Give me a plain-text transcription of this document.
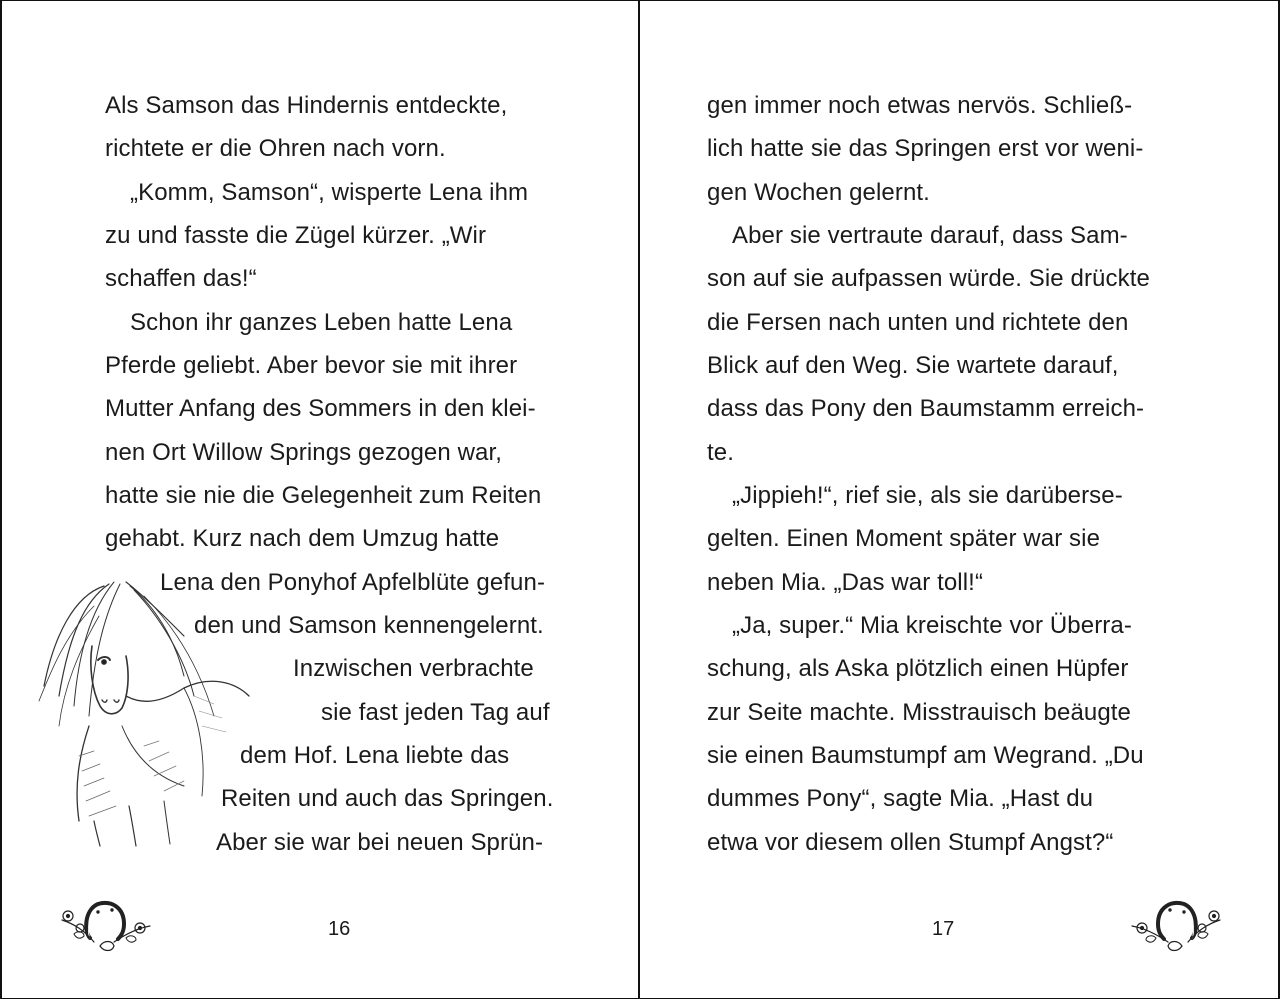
Als Samson das Hindernis entdeckte,
richtete er die Ohren nach vorn.
„Komm, Samson“, wisperte Lena ihm
zu und fasste die Zügel kürzer. „Wir
schaffen das!“
Schon ihr ganzes Leben hatte Lena
Pferde geliebt. Aber bevor sie mit ihrer
Mutter Anfang des Sommers in den klei-
nen Ort Willow Springs gezogen war,
hatte sie nie die Gelegenheit zum Reiten
gehabt. Kurz nach dem Umzug hatte
Lena den Ponyhof Apfelblüte gefun-
den und Samson kennengelernt.
Inzwischen verbrachte
sie fast jeden Tag auf
dem Hof. Lena liebte das
Reiten und auch das Springen.
Aber sie war bei neuen Sprün-
16
gen immer noch etwas nervös. Schließ-
lich hatte sie das Springen erst vor weni-
gen Wochen gelernt.
Aber sie vertraute darauf, dass Sam-
son auf sie aufpassen würde. Sie drückte
die Fersen nach unten und richtete den
Blick auf den Weg. Sie wartete darauf,
dass das Pony den Baumstamm erreich-
te.
„Jippieh!“, rief sie, als sie darüberse-
gelten. Einen Moment später war sie
neben Mia. „Das war toll!“
„Ja, super.“ Mia kreischte vor Überra-
schung, als Aska plötzlich einen Hüpfer
zur Seite machte. Misstrauisch beäugte
sie einen Baumstumpf am Wegrand. „Du
dummes Pony“, sagte Mia. „Hast du
etwa vor diesem ollen Stumpf Angst?“
17
